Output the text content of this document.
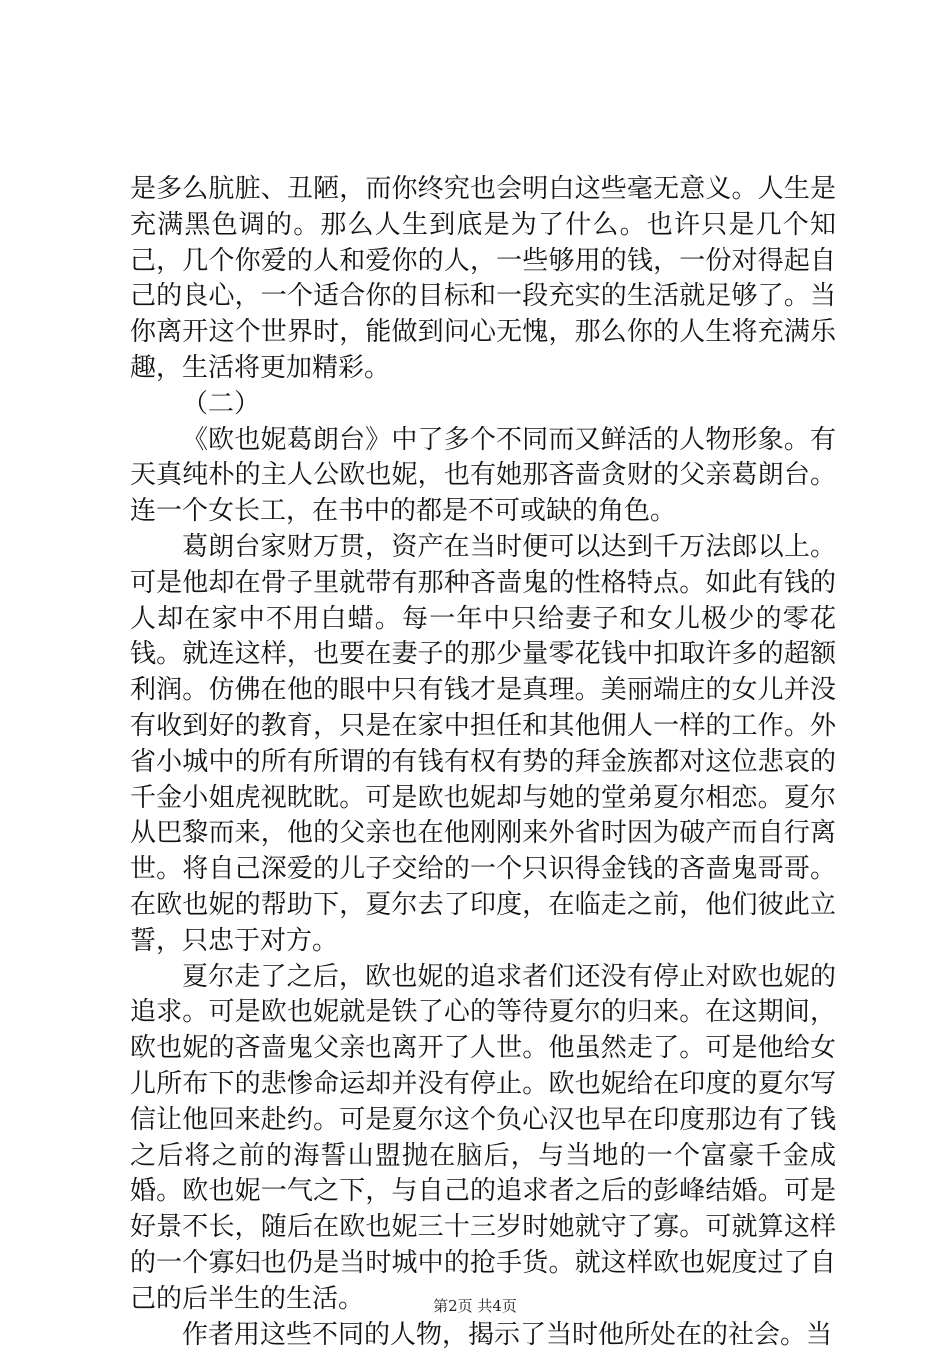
是多么肮脏、丑陋，而你终究也会明白这些毫无意义。人生是充满黑色调的。那么人生到底是为了什么。也许只是几个知己，几个你爱的人和爱你的人，一些够用的钱，一份对得起自己的良心，一个适合你的目标和一段充实的生活就足够了。当你离开这个世界时，能做到问心无愧，那么你的人生将充满乐趣，生活将更加精彩。

（二）

《欧也妮葛朗台》中了多个不同而又鲜活的人物形象。有天真纯朴的主人公欧也妮，也有她那吝啬贪财的父亲葛朗台。连一个女长工，在书中的都是不可或缺的角色。

葛朗台家财万贯，资产在当时便可以达到千万法郎以上。可是他却在骨子里就带有那种吝啬鬼的性格特点。如此有钱的人却在家中不用白蜡。每一年中只给妻子和女儿极少的零花钱。就连这样，也要在妻子的那少量零花钱中扣取许多的超额利润。仿佛在他的眼中只有钱才是真理。美丽端庄的女儿并没有收到好的教育，只是在家中担任和其他佣人一样的工作。外省小城中的所有所谓的有钱有权有势的拜金族都对这位悲哀的千金小姐虎视眈眈。可是欧也妮却与她的堂弟夏尔相恋。夏尔从巴黎而来，他的父亲也在他刚刚来外省时因为破产而自行离世。将自己深爱的儿子交给的一个只识得金钱的吝啬鬼哥哥。在欧也妮的帮助下，夏尔去了印度，在临走之前，他们彼此立誓，只忠于对方。

夏尔走了之后，欧也妮的追求者们还没有停止对欧也妮的追求。可是欧也妮就是铁了心的等待夏尔的归来。在这期间，欧也妮的吝啬鬼父亲也离开了人世。他虽然走了。可是他给女儿所布下的悲惨命运却并没有停止。欧也妮给在印度的夏尔写信让他回来赴约。可是夏尔这个负心汉也早在印度那边有了钱之后将之前的海誓山盟抛在脑后，与当地的一个富豪千金成婚。欧也妮一气之下，与自己的追求者之后的彭峰结婚。可是好景不长，随后在欧也妮三十三岁时她就守了寡。可就算这样的一个寡妇也仍是当时城中的抢手货。就这样欧也妮度过了自己的后半生的生活。

作者用这些不同的人物，揭示了当时他所处在的社会。当

第2页 共4页
